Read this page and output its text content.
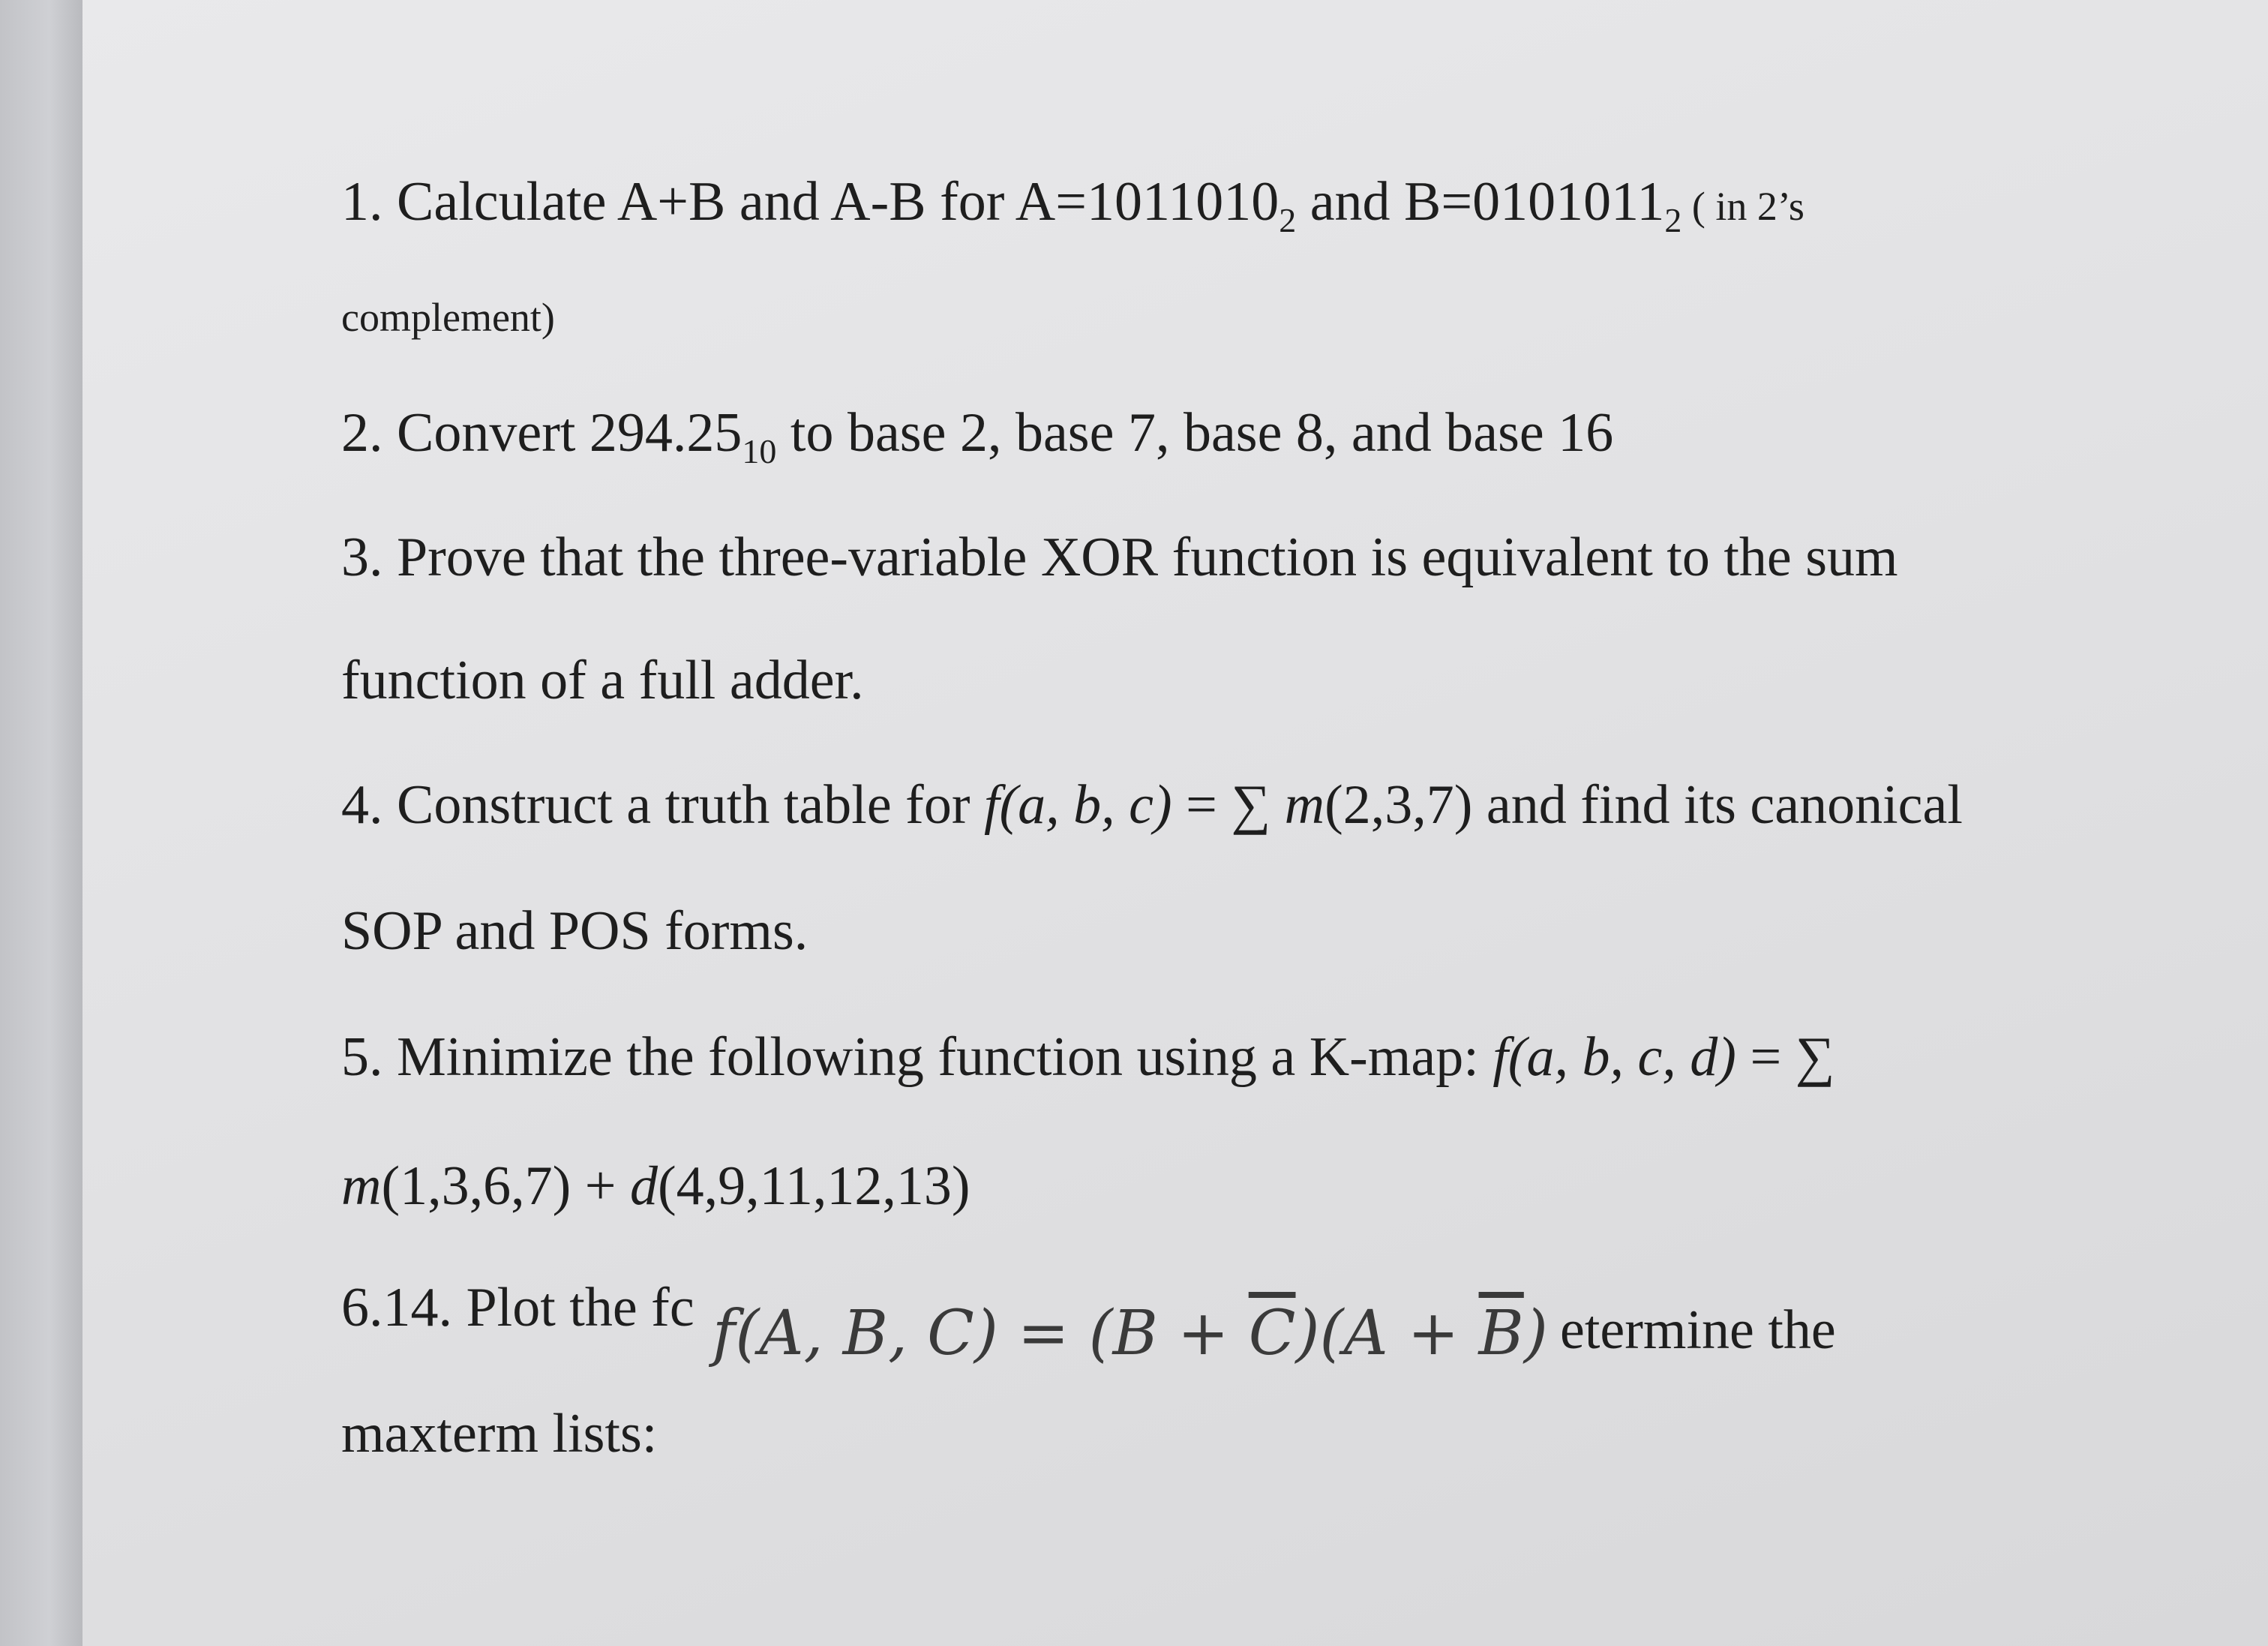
1. Calculate A+B and A-B for $A=1011010_2$ and $B=0101011_2$ ( in 2’s
complement)
2. Convert $294.25_{10}$ to base 2, base 7, base 8, and base 16
3. Prove that the three-variable XOR function is equivalent to the sum
function of a full adder.
4. Construct a truth table for f(a, b, c) = ∑ m(2,3,7) and find its canonical
SOP and POS forms.
5. Minimize the following function using a K-map: f(a, b, c, d) = ∑
m(1,3,6,7) + d(4,9,11,12,13)
6.14. Plot the fc	etermine the
f(A, B, $C) = (B + \overline{C})(A + \overline{B})$
maxterm lists:
